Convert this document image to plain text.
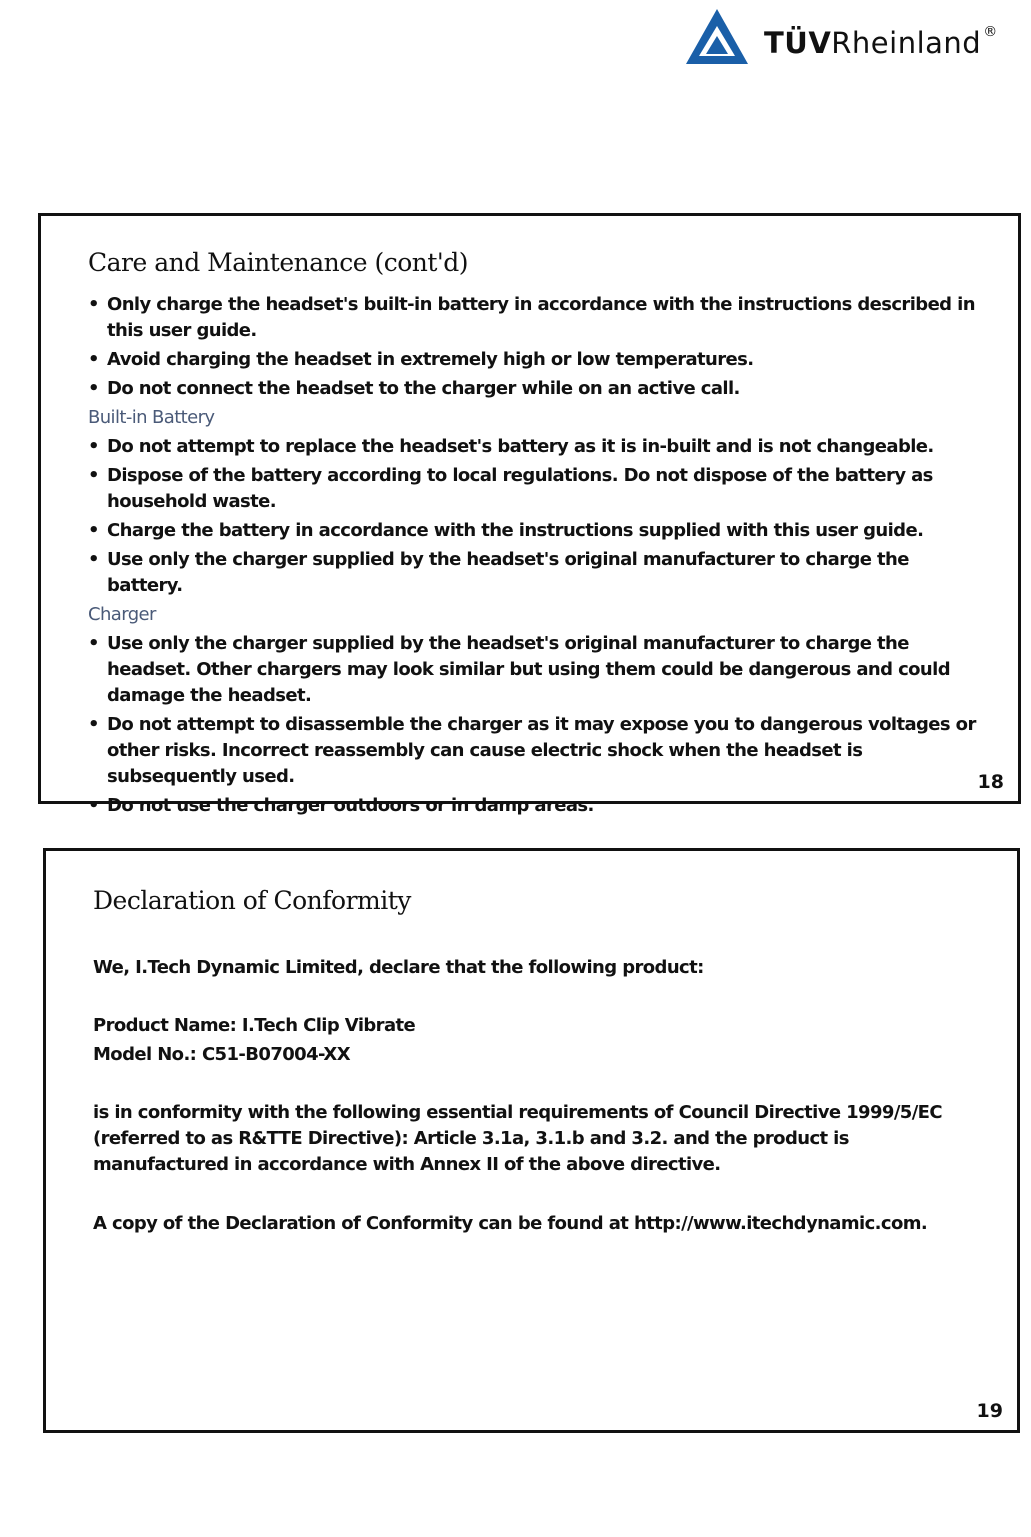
TÜVRheinland ®
Care and Maintenance (cont'd)
• Only charge the headset's built-in battery in accordance with the instructions described in this user guide.
• Avoid charging the headset in extremely high or low temperatures.
• Do not connect the headset to the charger while on an active call.
Built-in Battery
• Do not attempt to replace the headset's battery as it is in-built and is not changeable.
• Dispose of the battery according to local regulations. Do not dispose of the battery as household waste.
• Charge the battery in accordance with the instructions supplied with this user guide.
• Use only the charger supplied by the headset's original manufacturer to charge the battery.
Charger
• Use only the charger supplied by the headset's original manufacturer to charge the headset. Other chargers may look similar but using them could be dangerous and could damage the headset.
• Do not attempt to disassemble the charger as it may expose you to dangerous voltages or other risks. Incorrect reassembly can cause electric shock when the headset is subsequently used.
• Do not use the charger outdoors or in damp areas.
18
Declaration of Conformity
We, I.Tech Dynamic Limited, declare that the following product:
Product Name: I.Tech Clip Vibrate
Model No.: C51-B07004-XX
is in conformity with the following essential requirements of Council Directive 1999/5/EC (referred to as R&TTE Directive): Article 3.1a, 3.1.b and 3.2. and the product is manufactured in accordance with Annex II of the above directive.
A copy of the Declaration of Conformity can be found at http://www.itechdynamic.com.
19
